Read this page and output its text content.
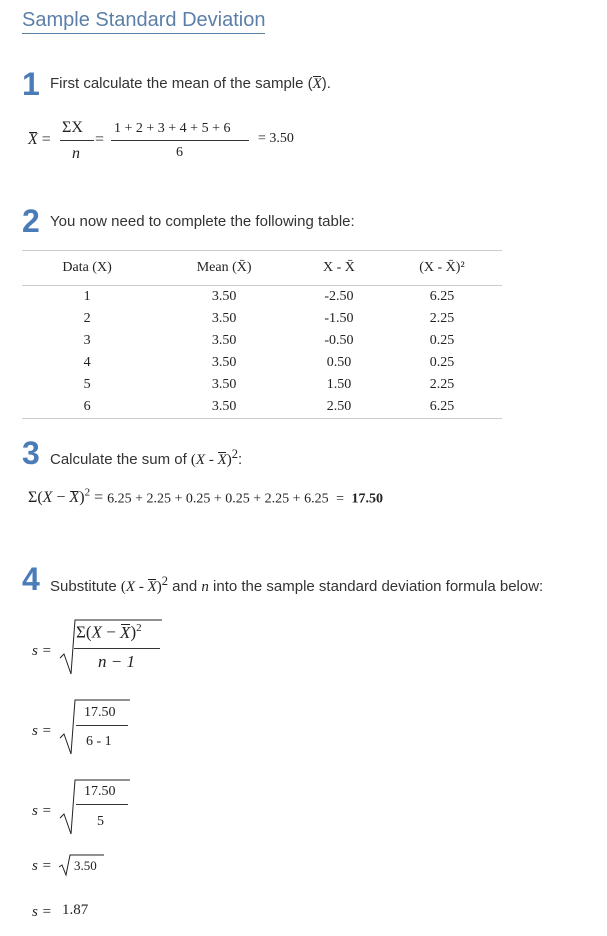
Sample Standard Deviation
1 First calculate the mean of the sample (X).
X =
ΣX
n
=
1 + 2 + 3 + 4 + 5 + 6
6
= 3.50
2 You now need to complete the following table:
Data (X)	Mean (X̄)	X - X̄	(X - X̄)²
1	3.50	-2.50	6.25
2	3.50	-1.50	2.25
3	3.50	-0.50	0.25
4	3.50	0.50	0.25
5	3.50	1.50	2.25
6	3.50	2.50	6.25
3 Calculate the sum of (X - X)$^2$:
$\Sigma(X - X)^2 = 6.25 + 2.25 + 0.25 + 0.25 + 2.25 + 6.25 = 17.50$
4 Substitute (X - X)$^2$ and n into the sample standard deviation formula below:
s =
$\Sigma(X - X)^2$
n − 1
s =
17.50
6 - 1
s =
17.50
5
s = 3.50
s = 1.87
